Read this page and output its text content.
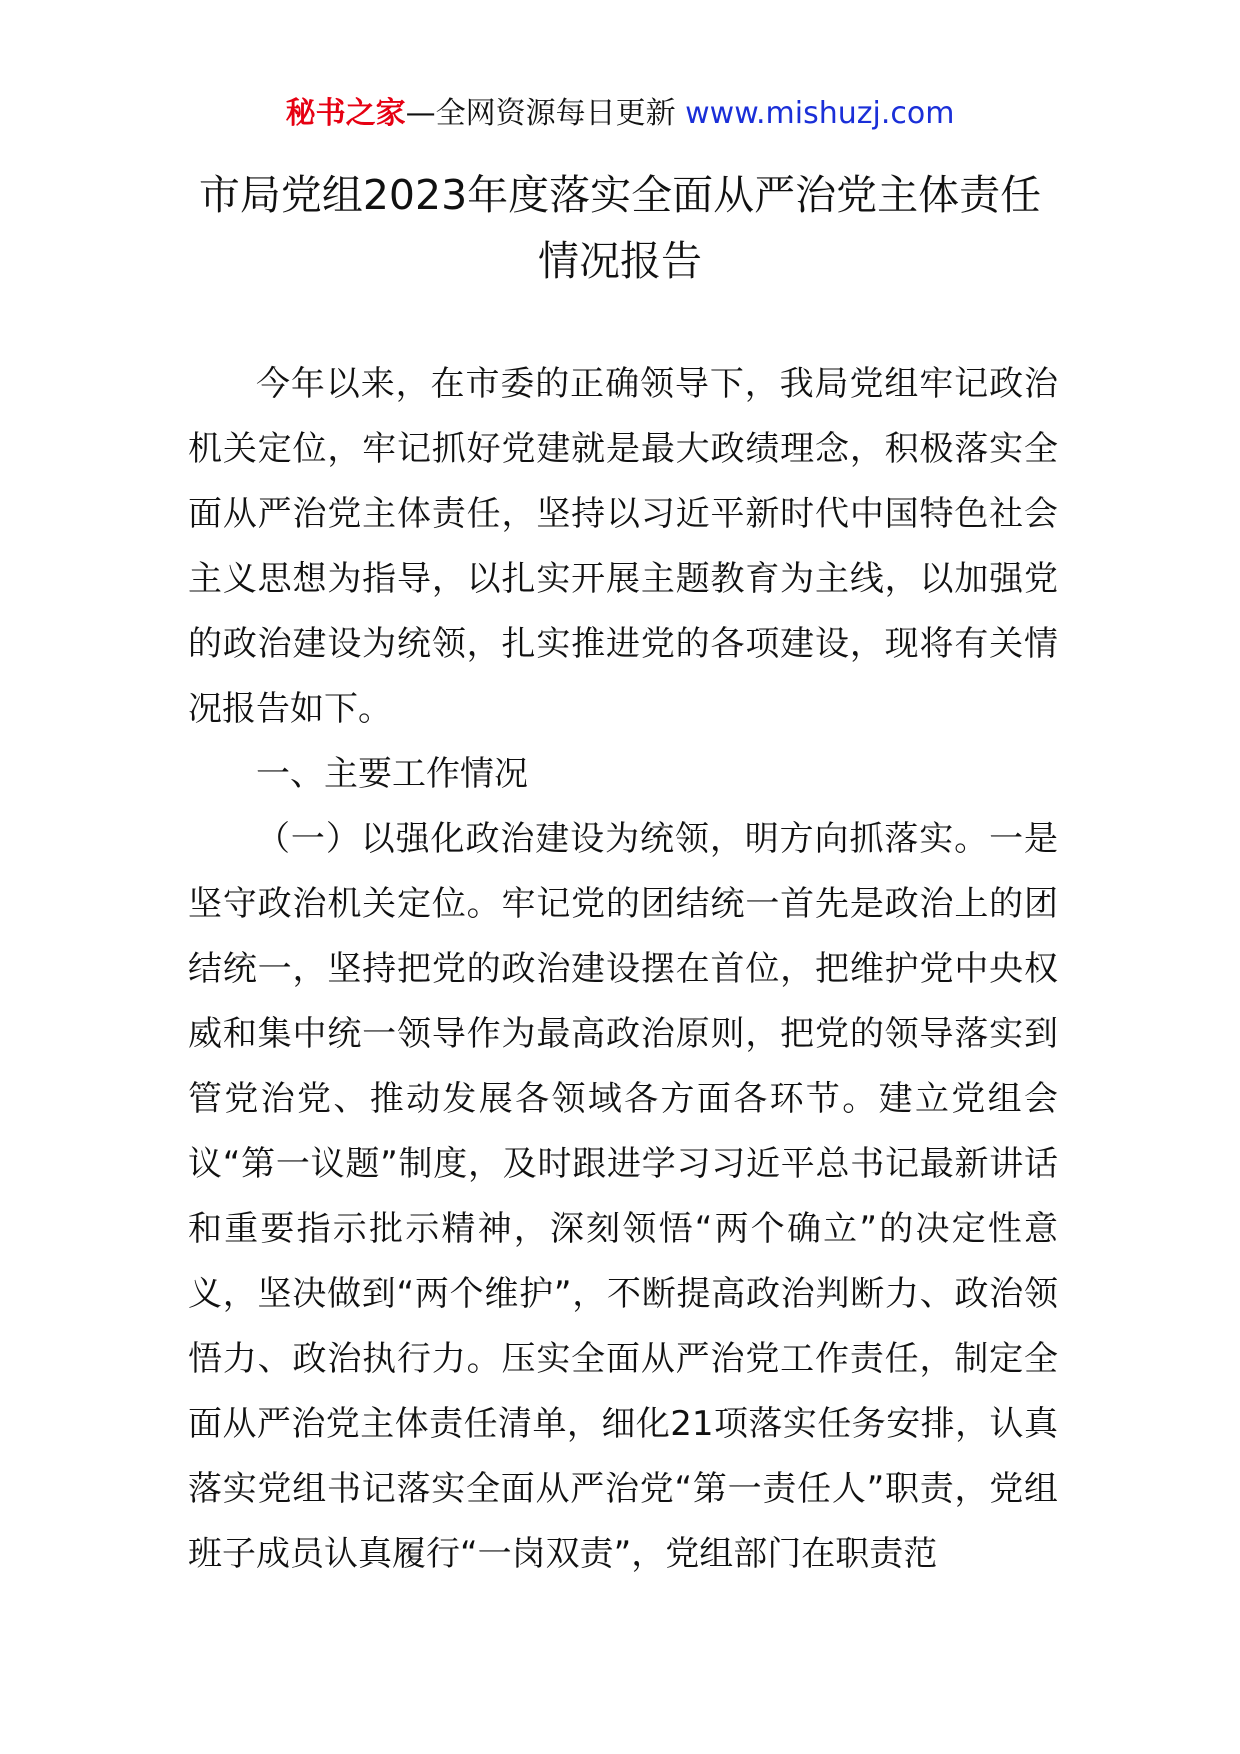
秘书之家—全网资源每日更新 www.mishuzj.com
市局党组2023年度落实全面从严治党主体责任
情况报告

今年以来，在市委的正确领导下，我局党组牢记政治机关定位，牢记抓好党建就是最大政绩理念，积极落实全面从严治党主体责任，坚持以习近平新时代中国特色社会主义思想为指导，以扎实开展主题教育为主线，以加强党的政治建设为统领，扎实推进党的各项建设，现将有关情况报告如下。

一、主要工作情况

（一）以强化政治建设为统领，明方向抓落实。一是坚守政治机关定位。牢记党的团结统一首先是政治上的团结统一，坚持把党的政治建设摆在首位，把维护党中央权威和集中统一领导作为最高政治原则，把党的领导落实到管党治党、推动发展各领域各方面各环节。建立党组会议“第一议题”制度，及时跟进学习习近平总书记最新讲话和重要指示批示精神，深刻领悟“两个确立”的决定性意义，坚决做到“两个维护”，不断提高政治判断力、政治领悟力、政治执行力。压实全面从严治党工作责任，制定全面从严治党主体责任清单，细化21项落实任务安排，认真落实党组书记落实全面从严治党“第一责任人”职责，党组班子成员认真履行“一岗双责”，党组部门在职责范
